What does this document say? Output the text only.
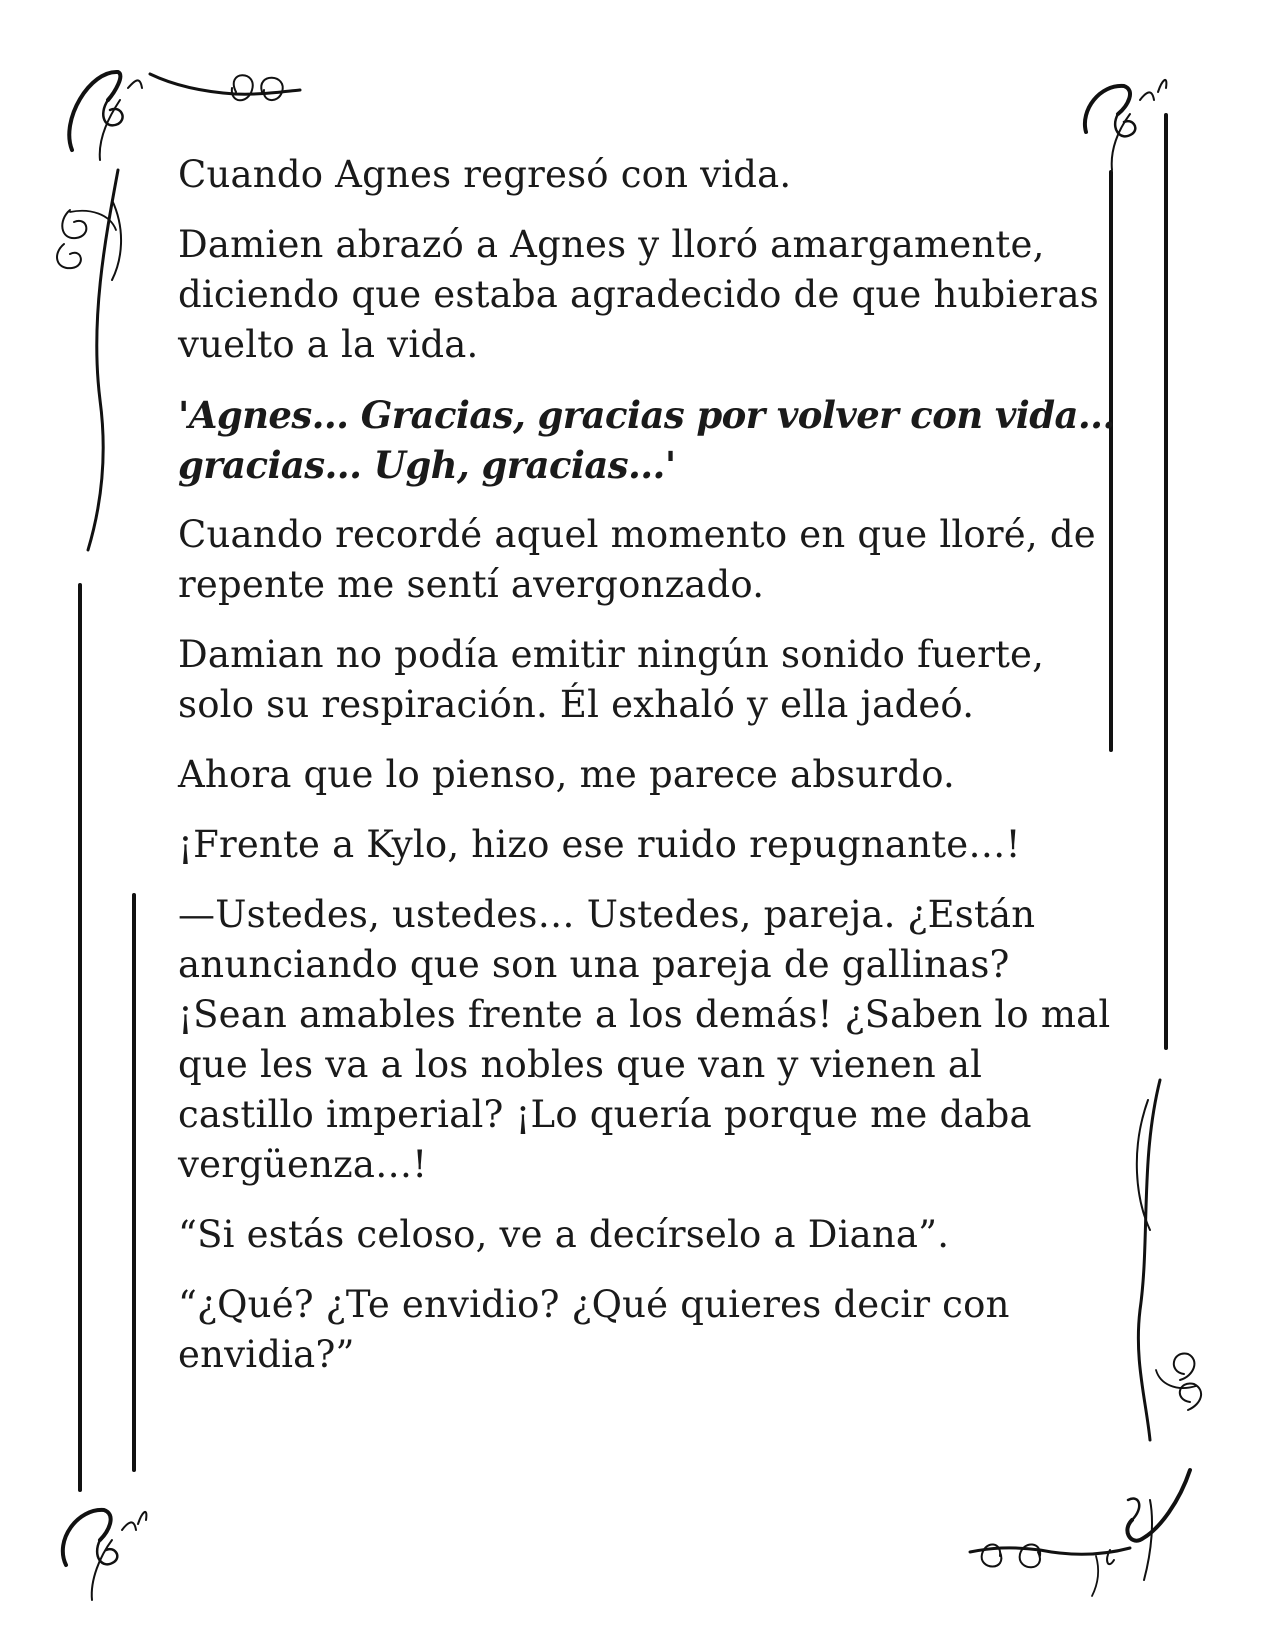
Cuando Agnes regresó con vida.

Damien abrazó a Agnes y lloró amargamente, diciendo que estaba agradecido de que hubieras vuelto a la vida.

'Agnes... Gracias, gracias por volver con vida... gracias... Ugh, gracias...'

Cuando recordé aquel momento en que lloré, de repente me sentí avergonzado.

Damian no podía emitir ningún sonido fuerte, solo su respiración. Él exhaló y ella jadeó.

Ahora que lo pienso, me parece absurdo.

¡Frente a Kylo, hizo ese ruido repugnante…!

—Ustedes, ustedes… Ustedes, pareja. ¿Están anunciando que son una pareja de gallinas? ¡Sean amables frente a los demás! ¿Saben lo mal que les va a los nobles que van y vienen al castillo imperial? ¡Lo quería porque me daba vergüenza…!

“Si estás celoso, ve a decírselo a Diana”.

“¿Qué? ¿Te envidio? ¿Qué quieres decir con envidia?”
